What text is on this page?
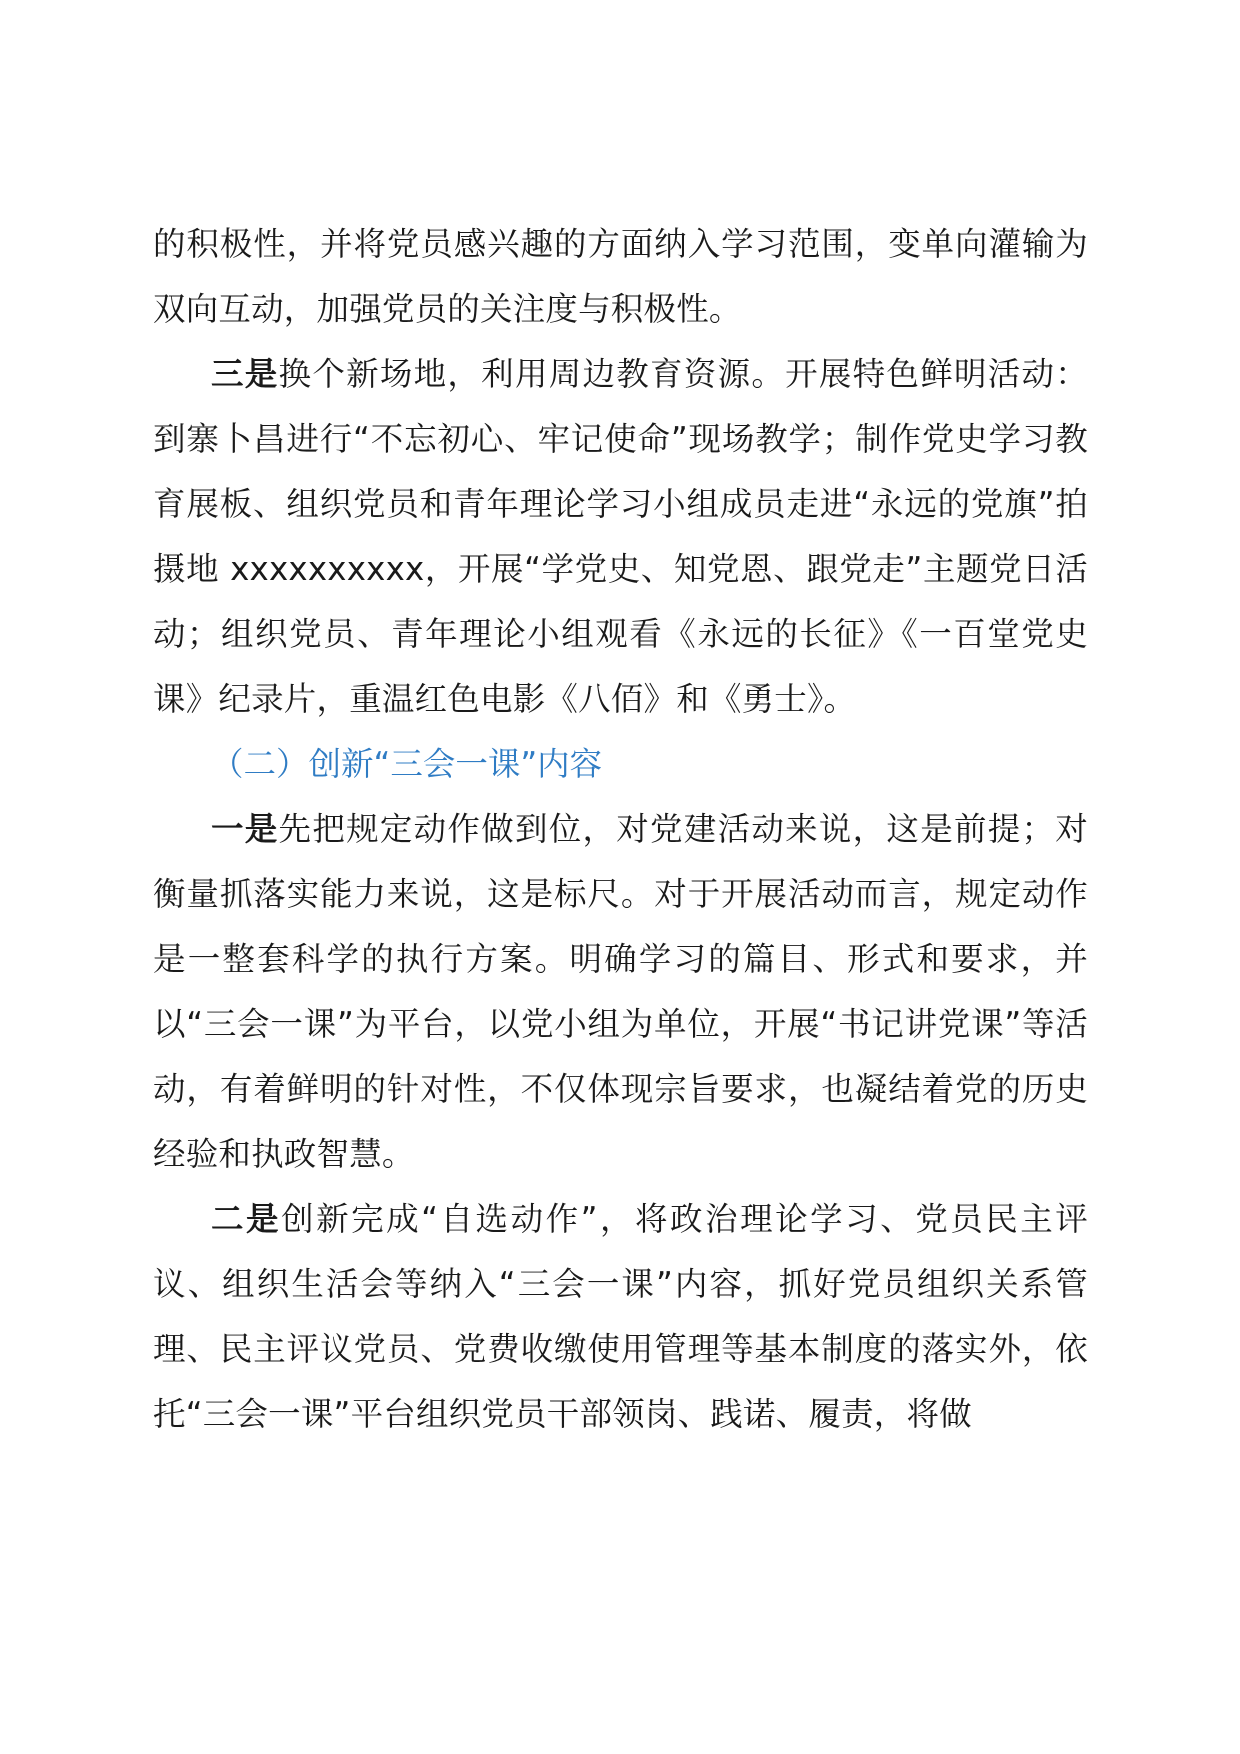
的积极性，并将党员感兴趣的方面纳入学习范围，变单向灌输为双向互动，加强党员的关注度与积极性。

三是换个新场地，利用周边教育资源。开展特色鲜明活动：到寨卜昌进行“不忘初心、牢记使命”现场教学；制作党史学习教育展板、组织党员和青年理论学习小组成员走进“永远的党旗”拍摄地 xxxxxxxxxx，开展“学党史、知党恩、跟党走”主题党日活动；组织党员、青年理论小组观看《永远的长征》《一百堂党史课》纪录片，重温红色电影《八佰》和《勇士》。

（二）创新“三会一课”内容

一是先把规定动作做到位，对党建活动来说，这是前提；对衡量抓落实能力来说，这是标尺。对于开展活动而言，规定动作是一整套科学的执行方案。明确学习的篇目、形式和要求，并以“三会一课”为平台，以党小组为单位，开展“书记讲党课”等活动，有着鲜明的针对性，不仅体现宗旨要求，也凝结着党的历史经验和执政智慧。

二是创新完成“自选动作”，将政治理论学习、党员民主评议、组织生活会等纳入“三会一课”内容，抓好党员组织关系管理、民主评议党员、党费收缴使用管理等基本制度的落实外，依托“三会一课”平台组织党员干部领岗、践诺、履责，将做
